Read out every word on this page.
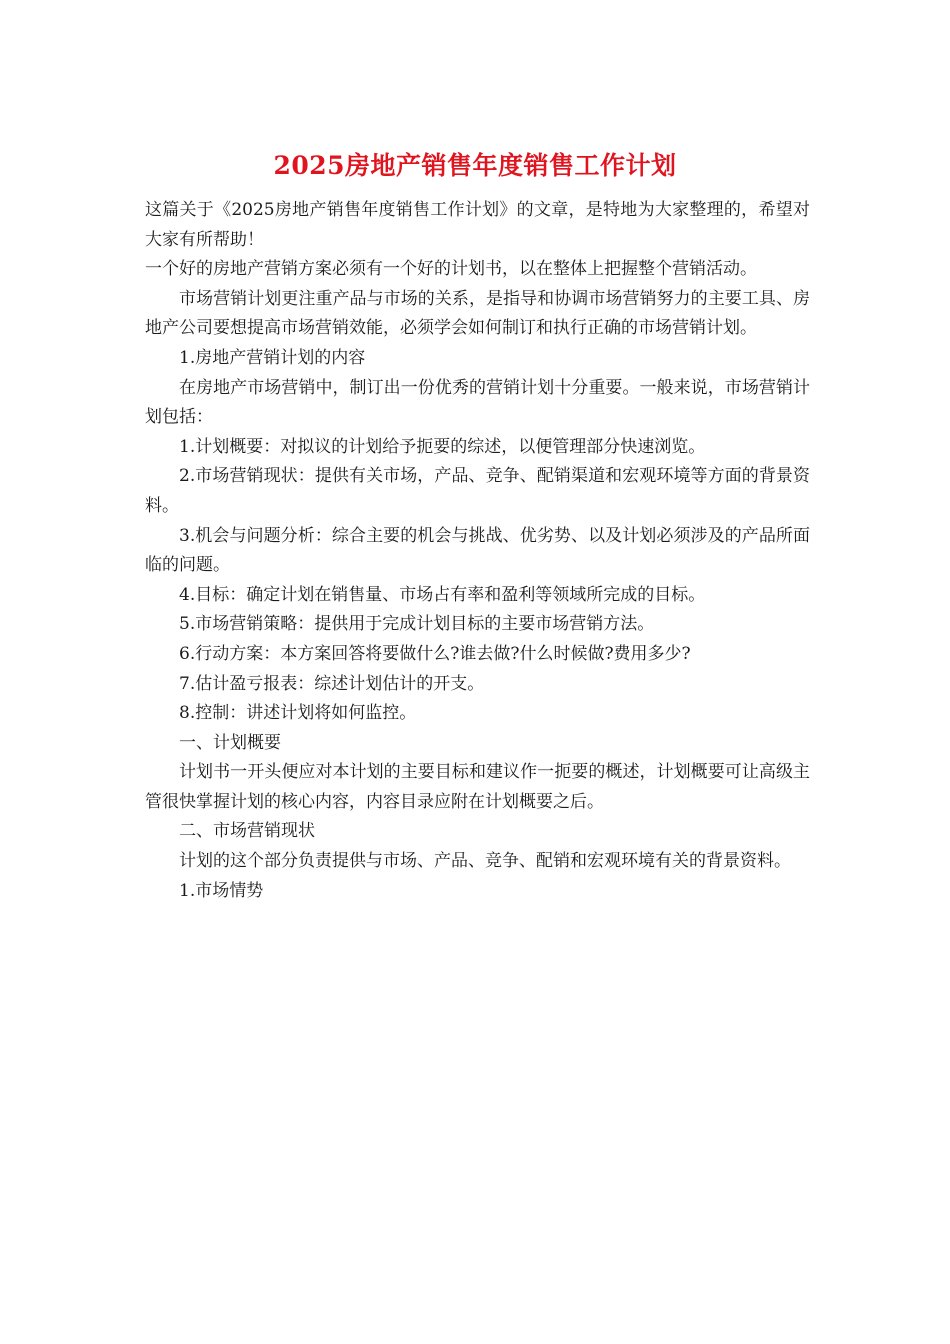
2025房地产销售年度销售工作计划

这篇关于《2025房地产销售年度销售工作计划》的文章，是特地为大家整理的，希望对大家有所帮助！

一个好的房地产营销方案必须有一个好的计划书，以在整体上把握整个营销活动。

市场营销计划更注重产品与市场的关系，是指导和协调市场营销努力的主要工具、房地产公司要想提高市场营销效能，必须学会如何制订和执行正确的市场营销计划。

1.房地产营销计划的内容

在房地产市场营销中，制订出一份优秀的营销计划十分重要。一般来说，市场营销计划包括：

1.计划概要：对拟议的计划给予扼要的综述，以便管理部分快速浏览。

2.市场营销现状：提供有关市场，产品、竞争、配销渠道和宏观环境等方面的背景资料。

3.机会与问题分析：综合主要的机会与挑战、优劣势、以及计划必须涉及的产品所面临的问题。

4.目标：确定计划在销售量、市场占有率和盈利等领域所完成的目标。

5.市场营销策略：提供用于完成计划目标的主要市场营销方法。

6.行动方案：本方案回答将要做什么?谁去做?什么时候做?费用多少?

7.估计盈亏报表：综述计划估计的开支。

8.控制：讲述计划将如何监控。

一、计划概要

计划书一开头便应对本计划的主要目标和建议作一扼要的概述，计划概要可让高级主管很快掌握计划的核心内容，内容目录应附在计划概要之后。

二、市场营销现状

计划的这个部分负责提供与市场、产品、竞争、配销和宏观环境有关的背景资料。

1.市场情势
